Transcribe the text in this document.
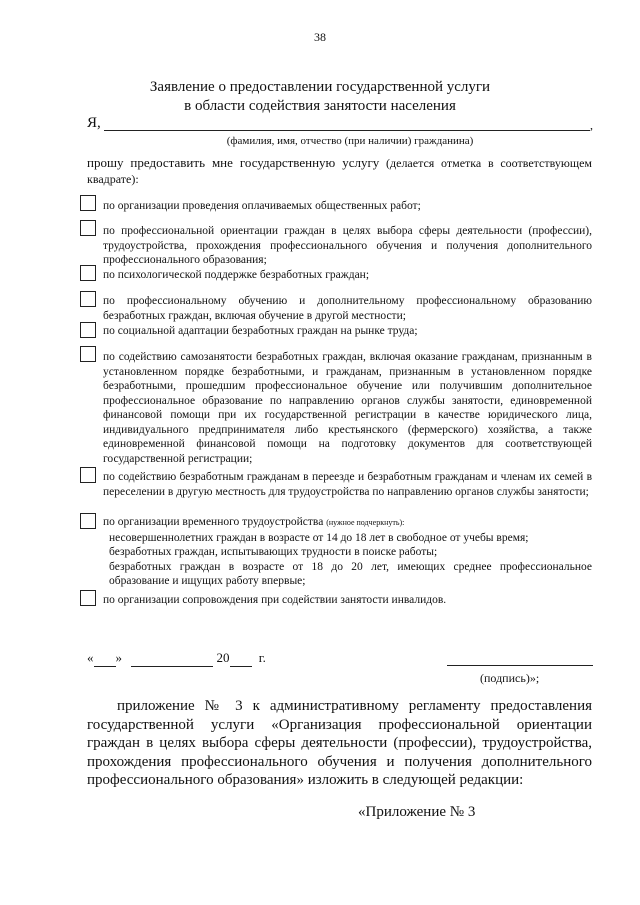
38
Заявление о предоставлении государственной услуги
в области содействия занятости населения
Я,	,
(фамилия, имя, отчество (при наличии) гражданина)
прошу предоставить мне государственную услугу (делается отметка в соответствующем квадрате):
по организации проведения оплачиваемых общественных работ;
по профессиональной ориентации граждан в целях выбора сферы деятельности (профессии), трудоустройства, прохождения профессионального обучения и получения дополнительного профессионального образования;
по психологической поддержке безработных граждан;
по профессиональному обучению и дополнительному профессиональному образованию безработных граждан, включая обучение в другой местности;
по социальной адаптации безработных граждан на рынке труда;
по содействию самозанятости безработных граждан, включая оказание гражданам, признанным в установленном порядке безработными, и гражданам, признанным в установленном порядке безработными, прошедшим профессиональное обучение или получившим дополнительное профессиональное образование по направлению органов службы занятости, единовременной финансовой помощи при их государственной регистрации в качестве юридического лица, индивидуального предпринимателя либо крестьянского (фермерского) хозяйства, а также единовременной финансовой помощи на подготовку документов для соответствующей государственной регистрации;
по содействию безработным гражданам в переезде и безработным гражданам и членам их семей в переселении в другую местность для трудоустройства по направлению органов службы занятости;
по организации временного трудоустройства (нужное подчеркнуть):
несовершеннолетних граждан в возрасте от 14 до 18 лет в свободное от учебы время;
безработных граждан, испытывающих трудности в поиске работы;
безработных граждан в возрасте от 18 до 20 лет, имеющих среднее профессиональное образование и ищущих работу впервые;
по организации сопровождения при содействии занятости инвалидов.
« »	20 г.
(подпись)»;
приложение № 3 к административному регламенту предоставления государственной услуги «Организация профессиональной ориентации граждан в целях выбора сферы деятельности (профессии), трудоустройства, прохождения профессионального обучения и получения дополнительного профессионального образования» изложить в следующей редакции:
«Приложение № 3
